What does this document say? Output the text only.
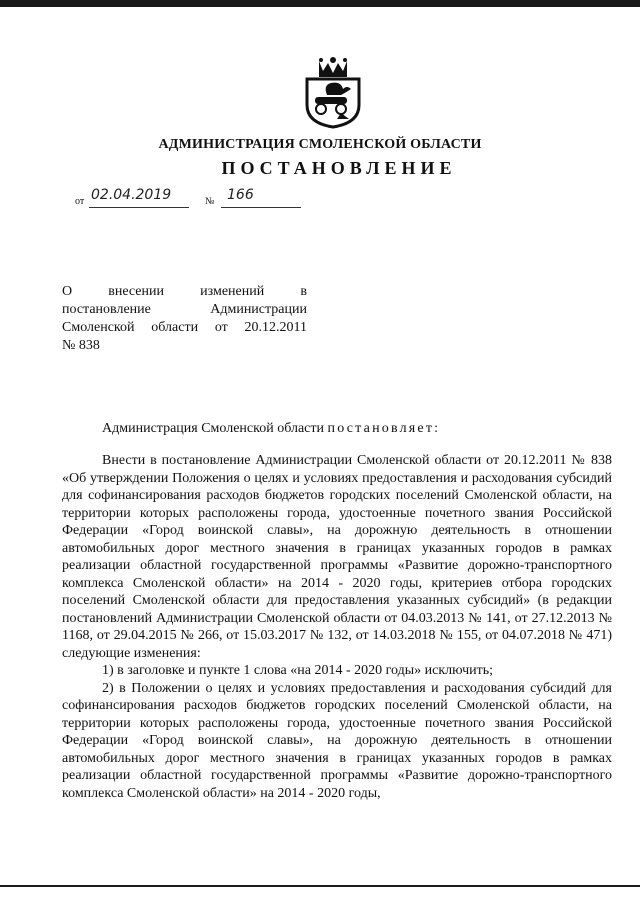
АДМИНИСТРАЦИЯ СМОЛЕНСКОЙ ОБЛАСТИ
ПОСТАНОВЛЕНИЕ
от 02.04.2019	№ 166
О внесении изменений в
постановление Администрации
Смоленской области от 20.12.2011
№ 838
Администрация Смоленской области постановляет:

Внести в постановление Администрации Смоленской области от 20.12.2011 № 838 «Об утверждении Положения о целях и условиях предоставления и расходования субсидий для софинансирования расходов бюджетов городских поселений Смоленской области, на территории которых расположены города, удостоенные почетного звания Российской Федерации «Город воинской славы», на дорожную деятельность в отношении автомобильных дорог местного значения в границах указанных городов в рамках реализации областной государственной программы «Развитие дорожно-транспортного комплекса Смоленской области» на 2014 - 2020 годы, критериев отбора городских поселений Смоленской области для предоставления указанных субсидий» (в редакции постановлений Администрации Смоленской области от 04.03.2013 № 141, от 27.12.2013 № 1168, от 29.04.2015 № 266, от 15.03.2017 № 132, от 14.03.2018 № 155, от 04.07.2018 № 471) следующие изменения:

1) в заголовке и пункте 1 слова «на 2014 - 2020 годы» исключить;

2) в Положении о целях и условиях предоставления и расходования субсидий для софинансирования расходов бюджетов городских поселений Смоленской области, на территории которых расположены города, удостоенные почетного звания Российской Федерации «Город воинской славы», на дорожную деятельность в отношении автомобильных дорог местного значения в границах указанных городов в рамках реализации областной государственной программы «Развитие дорожно-транспортного комплекса Смоленской области» на 2014 - 2020 годы,
